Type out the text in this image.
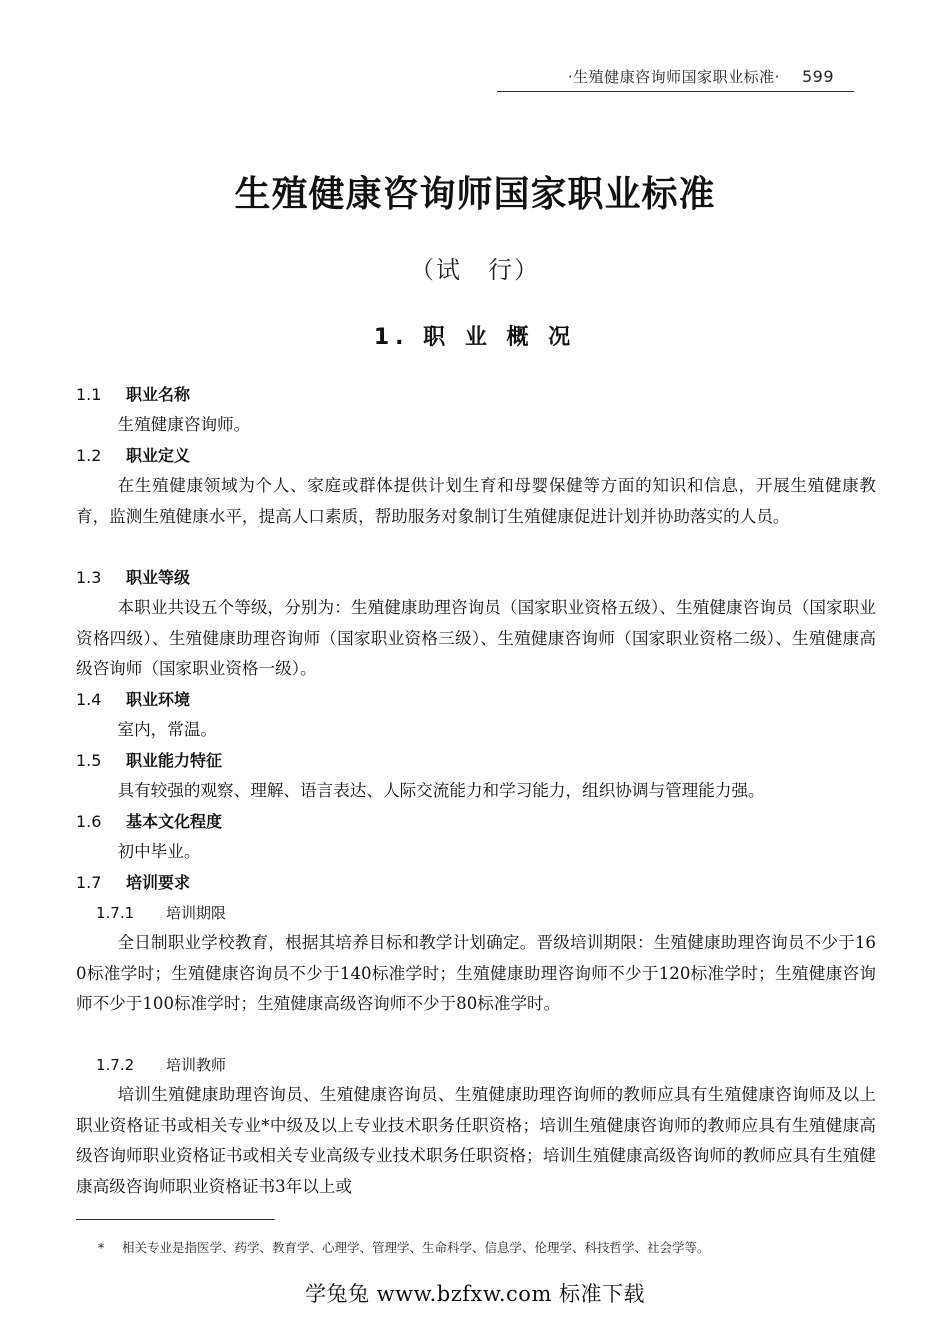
·生殖健康咨询师国家职业标准· 599
生殖健康咨询师国家职业标准
（试　行）
1. 职 业 概 况
1.1 职业名称
生殖健康咨询师。
1.2 职业定义
在生殖健康领域为个人、家庭或群体提供计划生育和母婴保健等方面的知识和信息，开展生殖健康教育，监测生殖健康水平，提高人口素质，帮助服务对象制订生殖健康促进计划并协助落实的人员。
1.3 职业等级
本职业共设五个等级，分别为：生殖健康助理咨询员（国家职业资格五级）、生殖健康咨询员（国家职业资格四级）、生殖健康助理咨询师（国家职业资格三级）、生殖健康咨询师（国家职业资格二级）、生殖健康高级咨询师（国家职业资格一级）。
1.4 职业环境
室内，常温。
1.5 职业能力特征
具有较强的观察、理解、语言表达、人际交流能力和学习能力，组织协调与管理能力强。
1.6 基本文化程度
初中毕业。
1.7 培训要求
1.7.1 培训期限
全日制职业学校教育，根据其培养目标和教学计划确定。晋级培训期限：生殖健康助理咨询员不少于160标准学时；生殖健康咨询员不少于140标准学时；生殖健康助理咨询师不少于120标准学时；生殖健康咨询师不少于100标准学时；生殖健康高级咨询师不少于80标准学时。
1.7.2 培训教师
培训生殖健康助理咨询员、生殖健康咨询员、生殖健康助理咨询师的教师应具有生殖健康咨询师及以上职业资格证书或相关专业*中级及以上专业技术职务任职资格；培训生殖健康咨询师的教师应具有生殖健康高级咨询师职业资格证书或相关专业高级专业技术职务任职资格；培训生殖健康高级咨询师的教师应具有生殖健康高级咨询师职业资格证书3年以上或
* 相关专业是指医学、药学、教育学、心理学、管理学、生命科学、信息学、伦理学、科技哲学、社会学等。
学兔兔 www.bzfxw.com 标准下载
